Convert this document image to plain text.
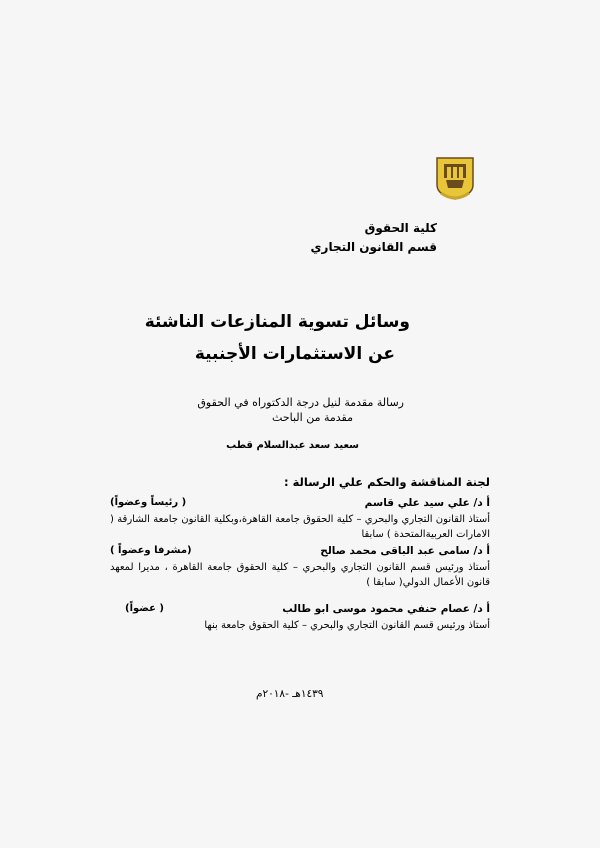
كلية الحقوق
قسم القانون التجاري
وسائل تسوية المنازعات الناشئة
عن الاستثمارات الأجنبية
رسالة مقدمة لنيل درجة الدكتوراه في الحقوق
مقدمة من الباحث
سعيد سعد عبدالسلام قطب
لجنة المناقشة والحكم علي الرسالة :
أ د/ علي سيد علي قاسم
( رئيساً وعضواً)
أستاذ القانون التجاري والبحري – كلية الحقوق جامعة القاهرة،وبكلية القانون جامعة الشارقة ( الامارات العربيةالمتحدة ) سابقا
أ د/ سامى عبد الباقى محمد صالح
(مشرفا وعضواً )
أستاذ ورئيس قسم القانون التجاري والبحري – كلية الحقوق جامعة القاهرة ، مديرا لمعهد قانون الأعمال الدولي( سابقا )
أ د/ عصام حنفي محمود موسى ابو طالب
( عضواً)
أستاذ ورئيس قسم القانون التجاري والبحري – كلية الحقوق جامعة بنها
١٤٣٩هـ -٢٠١٨م
